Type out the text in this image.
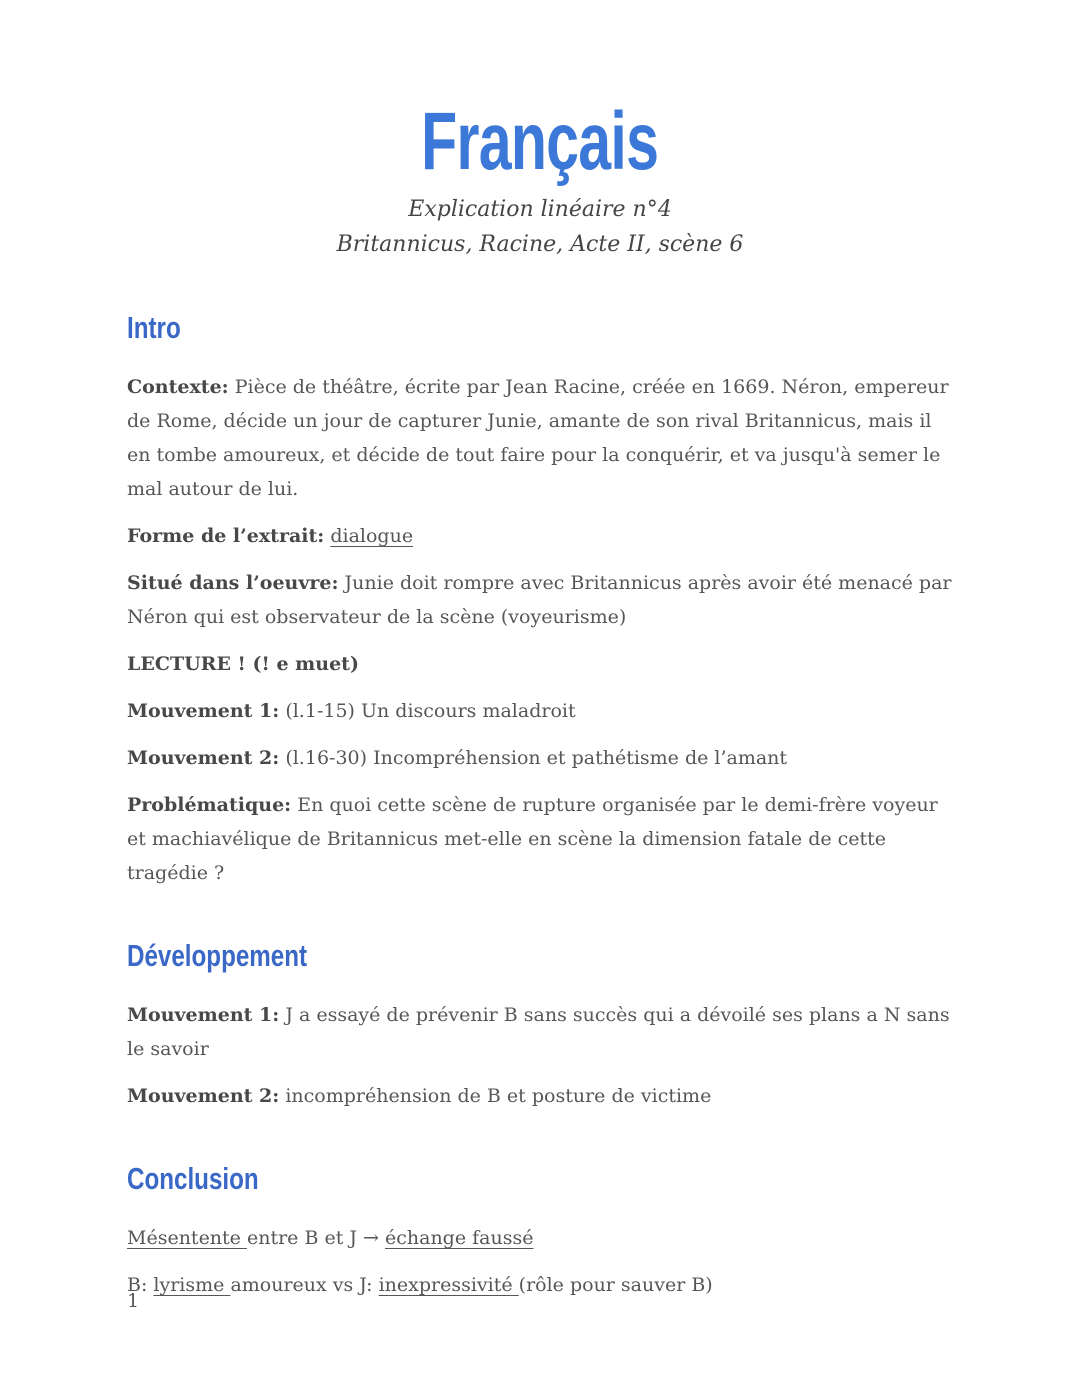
Français

Explication linéaire n°4

Britannicus, Racine, Acte II, scène 6

Intro

Contexte: Pièce de théâtre, écrite par Jean Racine, créée en 1669. Néron, empereur de Rome, décide un jour de capturer Junie, amante de son rival Britannicus, mais il en tombe amoureux, et décide de tout faire pour la conquérir, et va jusqu'à semer le mal autour de lui.

Forme de l’extrait: dialogue

Situé dans l’oeuvre: Junie doit rompre avec Britannicus après avoir été menacé par Néron qui est observateur de la scène (voyeurisme)

LECTURE ! (! e muet)

Mouvement 1: (l.1-15) Un discours maladroit

Mouvement 2: (l.16-30) Incompréhension et pathétisme de l’amant

Problématique: En quoi cette scène de rupture organisée par le demi-frère voyeur et machiavélique de Britannicus met-elle en scène la dimension fatale de cette tragédie ?

Développement

Mouvement 1: J a essayé de prévenir B sans succès qui a dévoilé ses plans a N sans le savoir

Mouvement 2: incompréhension de B et posture de victime

Conclusion

Mésentente entre B et J → échange faussé

B: lyrisme amoureux vs J: inexpressivité (rôle pour sauver B)

1
